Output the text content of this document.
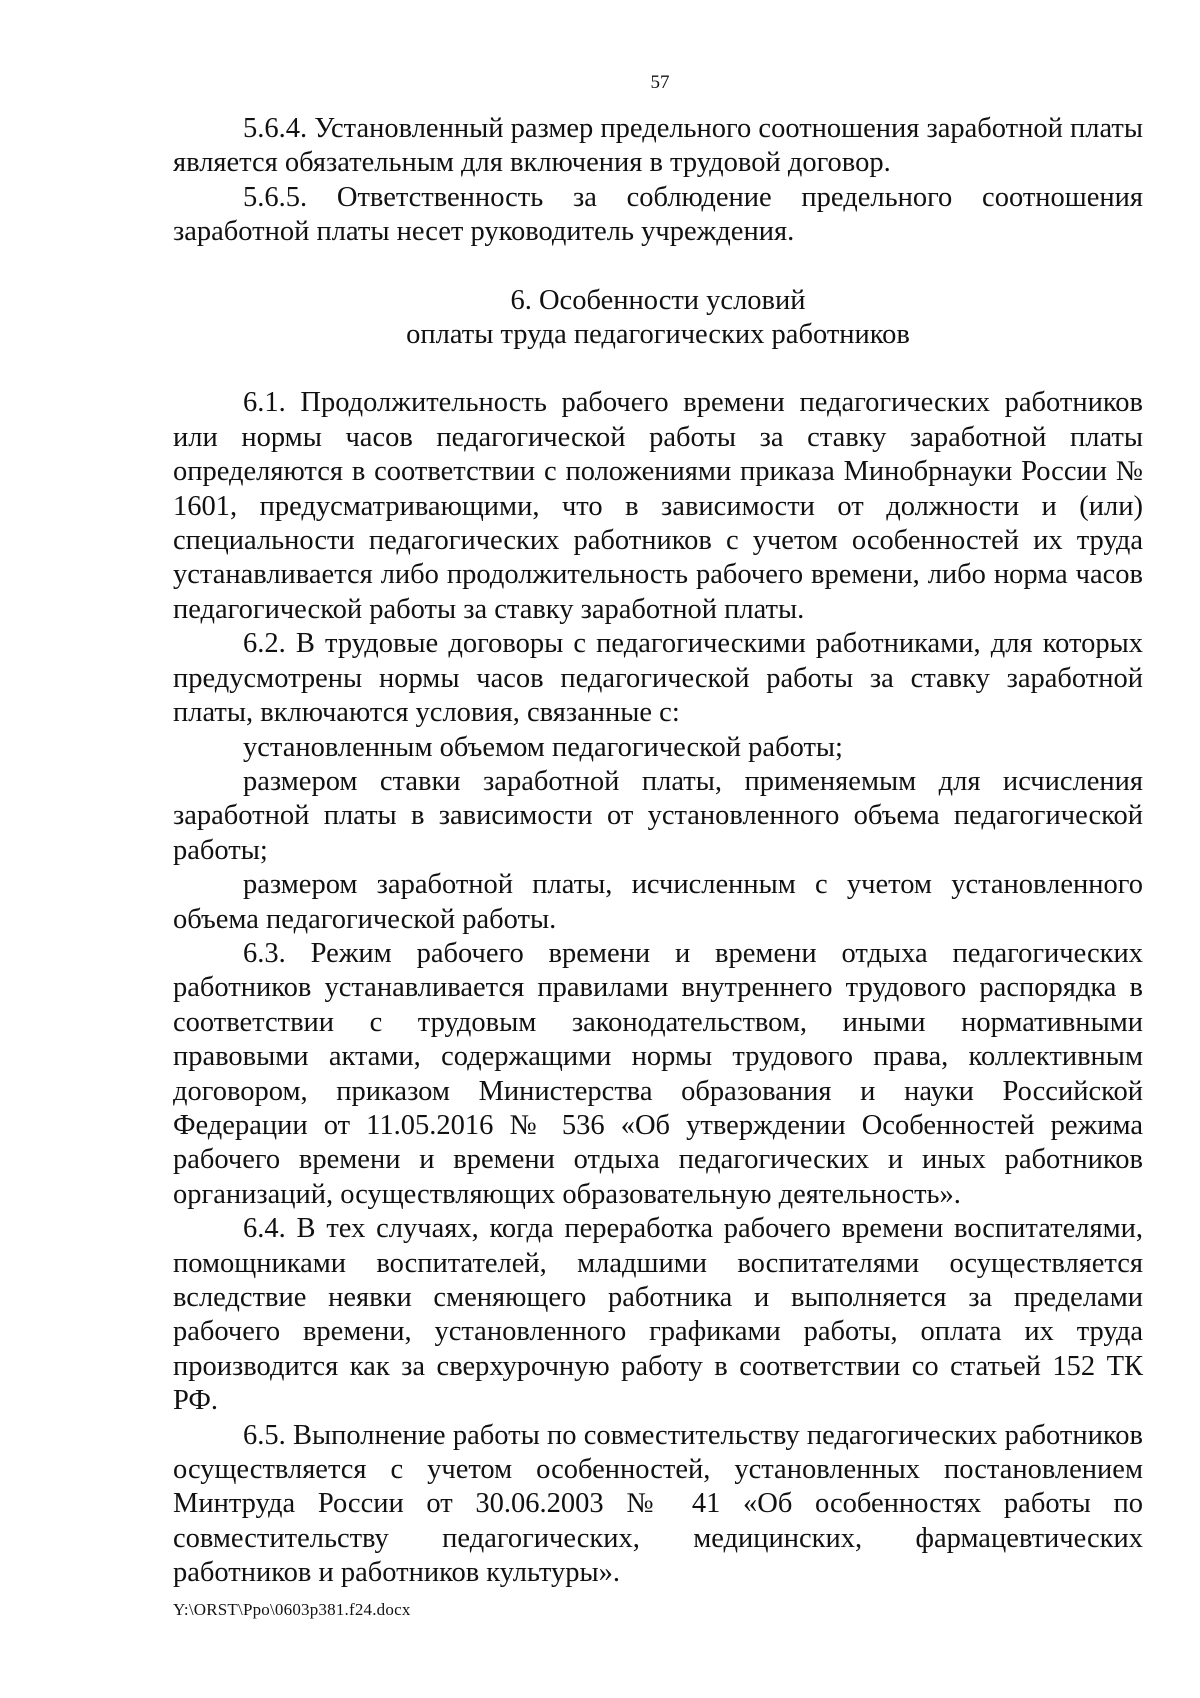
57

5.6.4. Установленный размер предельного соотношения заработной платы является обязательным для включения в трудовой договор.

5.6.5. Ответственность за соблюдение предельного соотношения заработной платы несет руководитель учреждения.

6. Особенности условий

оплаты труда педагогических работников

6.1. Продолжительность рабочего времени педагогических работников или нормы часов педагогической работы за ставку заработной платы определяются в соответствии с положениями приказа Минобрнауки России № 1601, предусматривающими, что в зависимости от должности и (или) специальности педагогических работников с учетом особенностей их труда устанавливается либо продолжительность рабочего времени, либо норма часов педагогической работы за ставку заработной платы.

6.2. В трудовые договоры с педагогическими работниками, для которых предусмотрены нормы часов педагогической работы за ставку заработной платы, включаются условия, связанные с:

установленным объемом педагогической работы;

размером ставки заработной платы, применяемым для исчисления заработной платы в зависимости от установленного объема педагогической работы;

размером заработной платы, исчисленным с учетом установленного объема педагогической работы.

6.3. Режим рабочего времени и времени отдыха педагогических работников устанавливается правилами внутреннего трудового распорядка в соответствии с трудовым законодательством, иными нормативными правовыми актами, содержащими нормы трудового права, коллективным договором, приказом Министерства образования и науки Российской Федерации от 11.05.2016 № 536 «Об утверждении Особенностей режима рабочего времени и времени отдыха педагогических и иных работников организаций, осуществляющих образовательную деятельность».

6.4. В тех случаях, когда переработка рабочего времени воспитателями, помощниками воспитателей, младшими воспитателями осуществляется вследствие неявки сменяющего работника и выполняется за пределами рабочего времени, установленного графиками работы, оплата их труда производится как за сверхурочную работу в соответствии со статьей 152 ТК РФ.

6.5. Выполнение работы по совместительству педагогических работников осуществляется с учетом особенностей, установленных постановлением Минтруда России от 30.06.2003 № 41 «Об особенностях работы по совместительству педагогических, медицинских, фармацевтических работников и работников культуры».

Y:\ORST\Ppo\0603p381.f24.docx
